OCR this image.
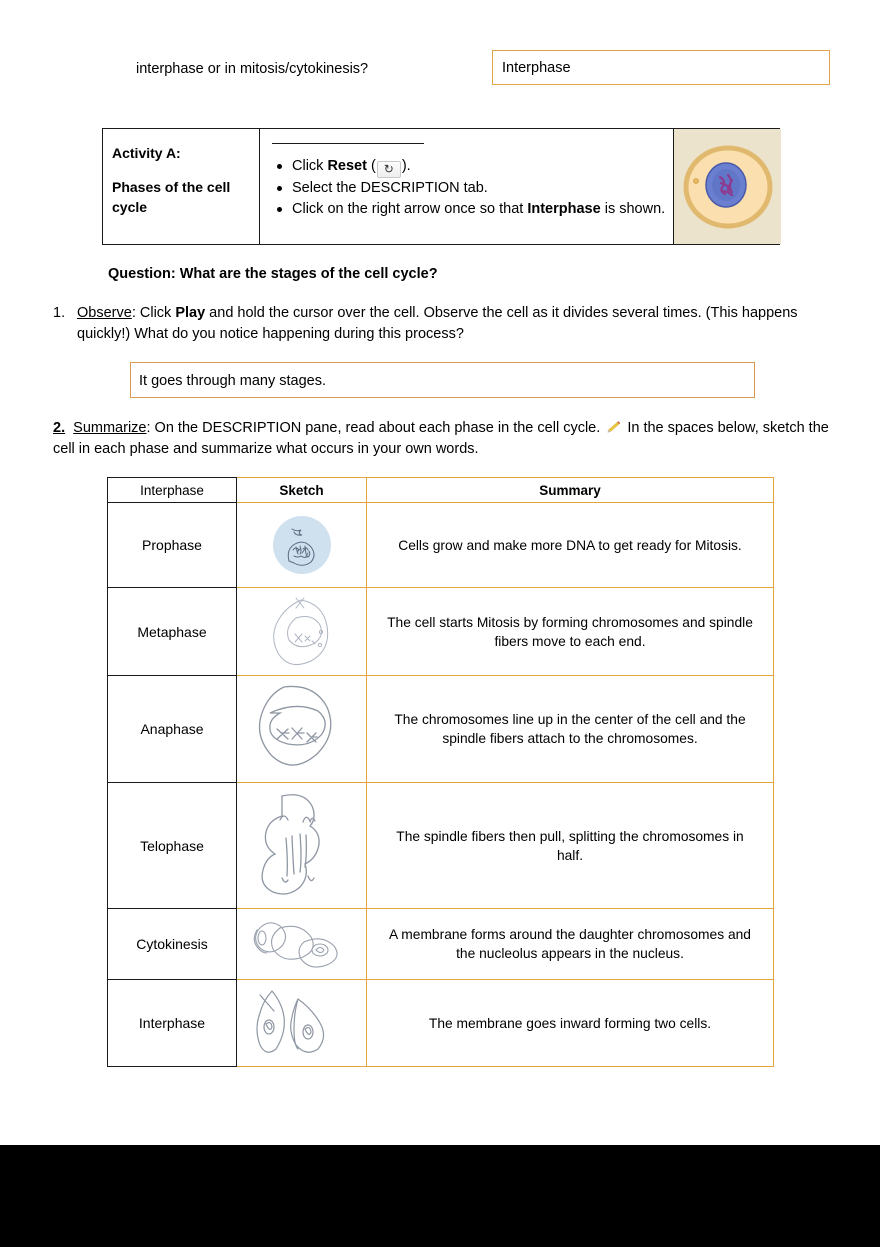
interphase or in mitosis/cytokinesis?	Interphase
Activity A:
Phases of the cell cycle
Click Reset ( ↻ ).
Select the DESCRIPTION tab.
Click on the right arrow once so that Interphase is shown.
Question: What are the stages of the cell cycle?
1. Observe: Click Play and hold the cursor over the cell. Observe the cell as it divides several times. (This happens quickly!) What do you notice happening during this process?
It goes through many stages.
2. Summarize: On the DESCRIPTION pane, read about each phase in the cell cycle.  In the spaces below, sketch the cell in each phase and summarize what occurs in your own words.
Interphase	Sketch	Summary
Prophase		Cells grow and make more DNA to get ready for Mitosis.
Metaphase		The cell starts Mitosis by forming chromosomes and spindle fibers move to each end.
Anaphase		The chromosomes line up in the center of the cell and the spindle fibers attach to the chromosomes.
Telophase		The spindle fibers then pull, splitting the chromosomes in half.
Cytokinesis		A membrane forms around the daughter chromosomes and the nucleolus appears in the nucleus.
Interphase		The membrane goes inward forming two cells.
